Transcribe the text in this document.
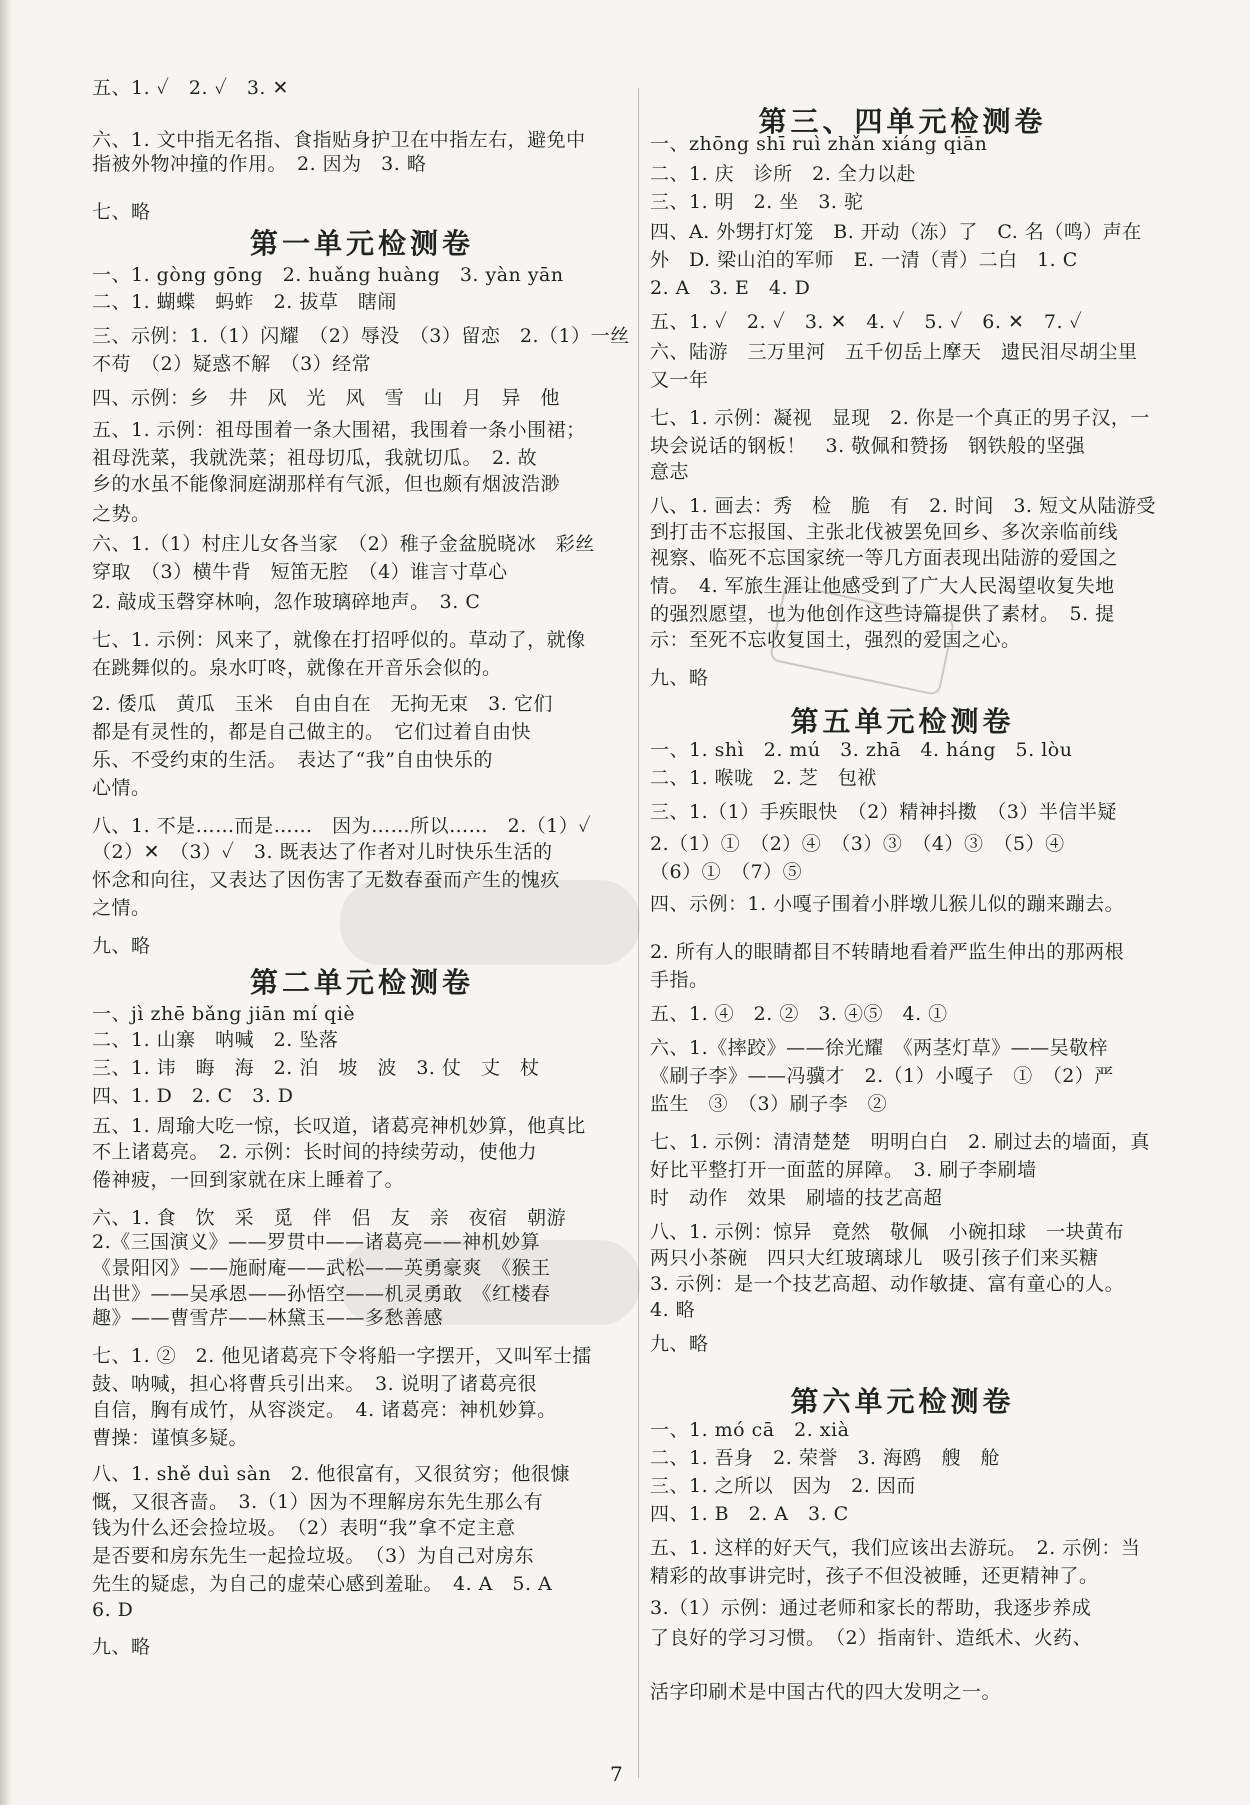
五、1. ✓　2. ✓　3. ✕
六、1. 文中指无名指、食指贴身护卫在中指左右，避免中
指被外物冲撞的作用。　2. 因为　3. 略
七、略
第一单元检测卷
一、1. gòng gōng　2. huǎng huàng　3. yàn yān
二、1. 蝴蝶　蚂蚱　2. 拔草　瞎闹
三、示例：1.（1）闪耀　（2）辱没　（3）留恋　2.（1）一丝
不苟　（2）疑惑不解　（3）经常
四、示例：乡　井　风　光　风　雪　山　月　异　他
五、1. 示例：祖母围着一条大围裙，我围着一条小围裙；
祖母洗菜，我就洗菜；祖母切瓜，我就切瓜。　2. 故
乡的水虽不能像洞庭湖那样有气派，但也颇有烟波浩渺
之势。
六、1.（1）村庄儿女各当家　（2）稚子金盆脱晓冰　彩丝
穿取　（3）横牛背　短笛无腔　（4）谁言寸草心
2. 敲成玉磬穿林响，忽作玻璃碎地声。　3. C
七、1. 示例：风来了，就像在打招呼似的。草动了，就像
在跳舞似的。泉水叮咚，就像在开音乐会似的。
2. 倭瓜　黄瓜　玉米　自由自在　无拘无束　3. 它们
都是有灵性的，都是自己做主的。　它们过着自由快
乐、不受约束的生活。　表达了“我”自由快乐的
心情。
八、1. 不是……而是……　因为……所以……　2.（1）✓
（2）✕　（3）✓　3. 既表达了作者对儿时快乐生活的
怀念和向往，又表达了因伤害了无数春蚕而产生的愧疚
之情。
九、略
第二单元检测卷
一、jì zhē bǎng jiān mí qiè
二、1. 山寨　呐喊　2. 坠落
三、1. 讳　晦　海　2. 泊　坡　波　3. 仗　丈　杖
四、1. D　2. C　3. D
五、1. 周瑜大吃一惊，长叹道，诸葛亮神机妙算，他真比
不上诸葛亮。　2. 示例：长时间的持续劳动，使他力
倦神疲，一回到家就在床上睡着了。
六、1. 食　饮　采　觅　伴　侣　友　亲　夜宿　朝游
2.《三国演义》——罗贯中——诸葛亮——神机妙算
《景阳冈》——施耐庵——武松——英勇豪爽　《猴王
出世》——吴承恩——孙悟空——机灵勇敢　《红楼春
趣》——曹雪芹——林黛玉——多愁善感
七、1. ②　2. 他见诸葛亮下令将船一字摆开，又叫军士擂
鼓、呐喊，担心将曹兵引出来。　3. 说明了诸葛亮很
自信，胸有成竹，从容淡定。　4. 诸葛亮：神机妙算。
曹操：谨慎多疑。
八、1. shě duì sàn　2. 他很富有，又很贫穷；他很慷
慨，又很吝啬。　3.（1）因为不理解房东先生那么有
钱为什么还会捡垃圾。　（2）表明“我”拿不定主意
是否要和房东先生一起捡垃圾。　（3）为自己对房东
先生的疑虑，为自己的虚荣心感到羞耻。　4. A　5. A
6. D
九、略
第三、四单元检测卷
一、zhōng shī ruì zhǎn xiáng qiān
二、1. 庆　诊所　2. 全力以赴
三、1. 明　2. 坐　3. 驼
四、A. 外甥打灯笼　B. 开动（冻）了　C. 名（鸣）声在
外　D. 梁山泊的军师　E. 一清（青）二白　1. C
2. A　3. E　4. D
五、1. ✓　2. ✓　3. ✕　4. ✓　5. ✓　6. ✕　7. ✓
六、陆游　三万里河　五千仞岳上摩天　遗民泪尽胡尘里
又一年
七、1. 示例：凝视　显现　2. 你是一个真正的男子汉，一
块会说话的钢板！　3. 敬佩和赞扬　钢铁般的坚强
意志
八、1. 画去：秀　检　脆　有　2. 时间　3. 短文从陆游受
到打击不忘报国、主张北伐被罢免回乡、多次亲临前线
视察、临死不忘国家统一等几方面表现出陆游的爱国之
情。　4. 军旅生涯让他感受到了广大人民渴望收复失地
的强烈愿望，也为他创作这些诗篇提供了素材。　5. 提
示：至死不忘收复国土，强烈的爱国之心。
九、略
第五单元检测卷
一、1. shì　2. mú　3. zhā　4. háng　5. lòu
二、1. 喉咙　2. 芝　包袱
三、1.（1）手疾眼快　（2）精神抖擞　（3）半信半疑
2.（1）①　（2）④　（3）③　（4）③　（5）④
（6）①　（7）⑤
四、示例：1. 小嘎子围着小胖墩儿猴儿似的蹦来蹦去。
2. 所有人的眼睛都目不转睛地看着严监生伸出的那两根
手指。
五、1. ④　2. ②　3. ④⑤　4. ①
六、1.《摔跤》——徐光耀　《两茎灯草》——吴敬梓
《刷子李》——冯骥才　2.（1）小嘎子　①　（2）严
监生　③　（3）刷子李　②
七、1. 示例：清清楚楚　明明白白　2. 刷过去的墙面，真
好比平整打开一面蓝的屏障。　3. 刷子李刷墙
时　动作　效果　刷墙的技艺高超
八、1. 示例：惊异　竟然　敬佩　小碗扣球　一块黄布
两只小茶碗　四只大红玻璃球儿　吸引孩子们来买糖
3. 示例：是一个技艺高超、动作敏捷、富有童心的人。
4. 略
九、略
第六单元检测卷
一、1. mó cā　2. xià
二、1. 吾身　2. 荣誉　3. 海鸥　艘　舱
三、1. 之所以　因为　2. 因而
四、1. B　2. A　3. C
五、1. 这样的好天气，我们应该出去游玩。　2. 示例：当
精彩的故事讲完时，孩子不但没被睡，还更精神了。
3.（1）示例：通过老师和家长的帮助，我逐步养成
了良好的学习习惯。　（2）指南针、造纸术、火药、
活字印刷术是中国古代的四大发明之一。
7
